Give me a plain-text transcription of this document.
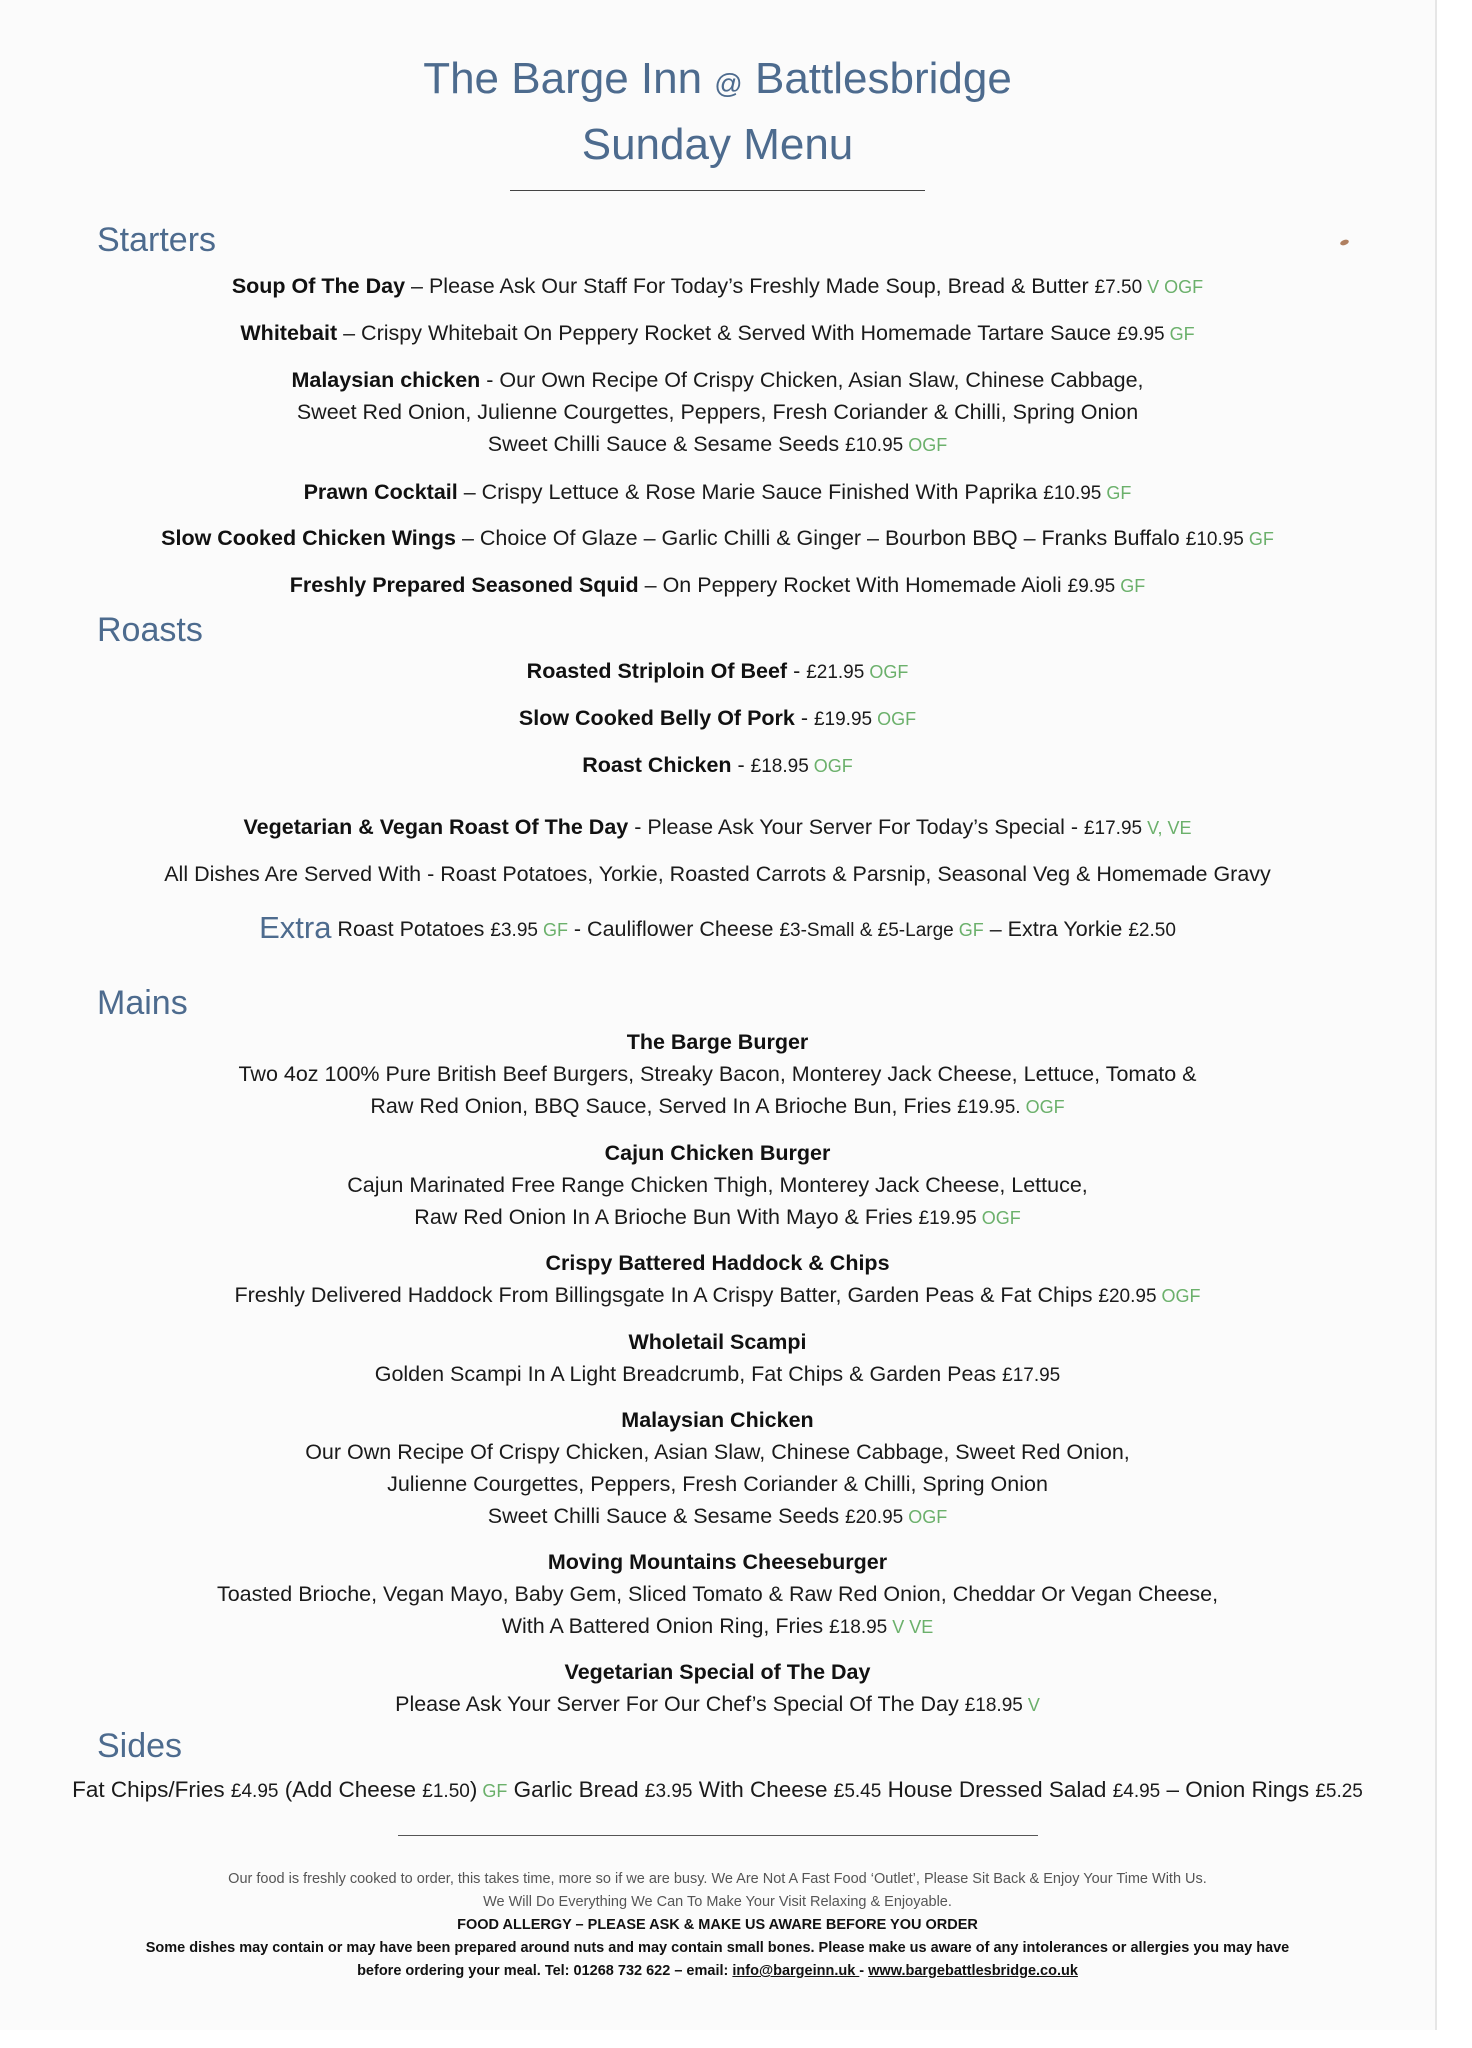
The Barge Inn @ Battlesbridge
Sunday Menu
Starters
Soup Of The Day – Please Ask Our Staff For Today’s Freshly Made Soup, Bread & Butter £7.50 V OGF
Whitebait – Crispy Whitebait On Peppery Rocket & Served With Homemade Tartare Sauce £9.95 GF
Malaysian chicken - Our Own Recipe Of Crispy Chicken, Asian Slaw, Chinese Cabbage,
Sweet Red Onion, Julienne Courgettes, Peppers, Fresh Coriander & Chilli, Spring Onion
Sweet Chilli Sauce & Sesame Seeds £10.95 OGF
Prawn Cocktail – Crispy Lettuce & Rose Marie Sauce Finished With Paprika £10.95 GF
Slow Cooked Chicken Wings – Choice Of Glaze – Garlic Chilli & Ginger – Bourbon BBQ – Franks Buffalo £10.95 GF
Freshly Prepared Seasoned Squid – On Peppery Rocket With Homemade Aioli £9.95 GF
Roasts
Roasted Striploin Of Beef - £21.95 OGF
Slow Cooked Belly Of Pork - £19.95 OGF
Roast Chicken - £18.95 OGF
Vegetarian & Vegan Roast Of The Day - Please Ask Your Server For Today’s Special - £17.95 V, VE
All Dishes Are Served With - Roast Potatoes, Yorkie, Roasted Carrots & Parsnip, Seasonal Veg & Homemade Gravy
Extra Roast Potatoes £3.95 GF - Cauliflower Cheese £3-Small & £5-Large GF – Extra Yorkie £2.50
Mains
The Barge Burger
Two 4oz 100% Pure British Beef Burgers, Streaky Bacon, Monterey Jack Cheese, Lettuce, Tomato &
Raw Red Onion, BBQ Sauce, Served In A Brioche Bun, Fries £19.95. OGF
Cajun Chicken Burger
Cajun Marinated Free Range Chicken Thigh, Monterey Jack Cheese, Lettuce,
Raw Red Onion In A Brioche Bun With Mayo & Fries £19.95 OGF
Crispy Battered Haddock & Chips
Freshly Delivered Haddock From Billingsgate In A Crispy Batter, Garden Peas & Fat Chips £20.95 OGF
Wholetail Scampi
Golden Scampi In A Light Breadcrumb, Fat Chips & Garden Peas £17.95
Malaysian Chicken
Our Own Recipe Of Crispy Chicken, Asian Slaw, Chinese Cabbage, Sweet Red Onion,
Julienne Courgettes, Peppers, Fresh Coriander & Chilli, Spring Onion
Sweet Chilli Sauce & Sesame Seeds £20.95 OGF
Moving Mountains Cheeseburger
Toasted Brioche, Vegan Mayo, Baby Gem, Sliced Tomato & Raw Red Onion, Cheddar Or Vegan Cheese,
With A Battered Onion Ring, Fries £18.95 V VE
Vegetarian Special of The Day
Please Ask Your Server For Our Chef’s Special Of The Day £18.95 V
Sides
Fat Chips/Fries £4.95 (Add Cheese £1.50) GF Garlic Bread £3.95 With Cheese £5.45 House Dressed Salad £4.95 – Onion Rings £5.25
Our food is freshly cooked to order, this takes time, more so if we are busy. We Are Not A Fast Food ‘Outlet’, Please Sit Back & Enjoy Your Time With Us.
We Will Do Everything We Can To Make Your Visit Relaxing & Enjoyable.
FOOD ALLERGY – PLEASE ASK & MAKE US AWARE BEFORE YOU ORDER
Some dishes may contain or may have been prepared around nuts and may contain small bones. Please make us aware of any intolerances or allergies you may have
before ordering your meal. Tel: 01268 732 622 – email: info@bargeinn.uk - www.bargebattlesbridge.co.uk
